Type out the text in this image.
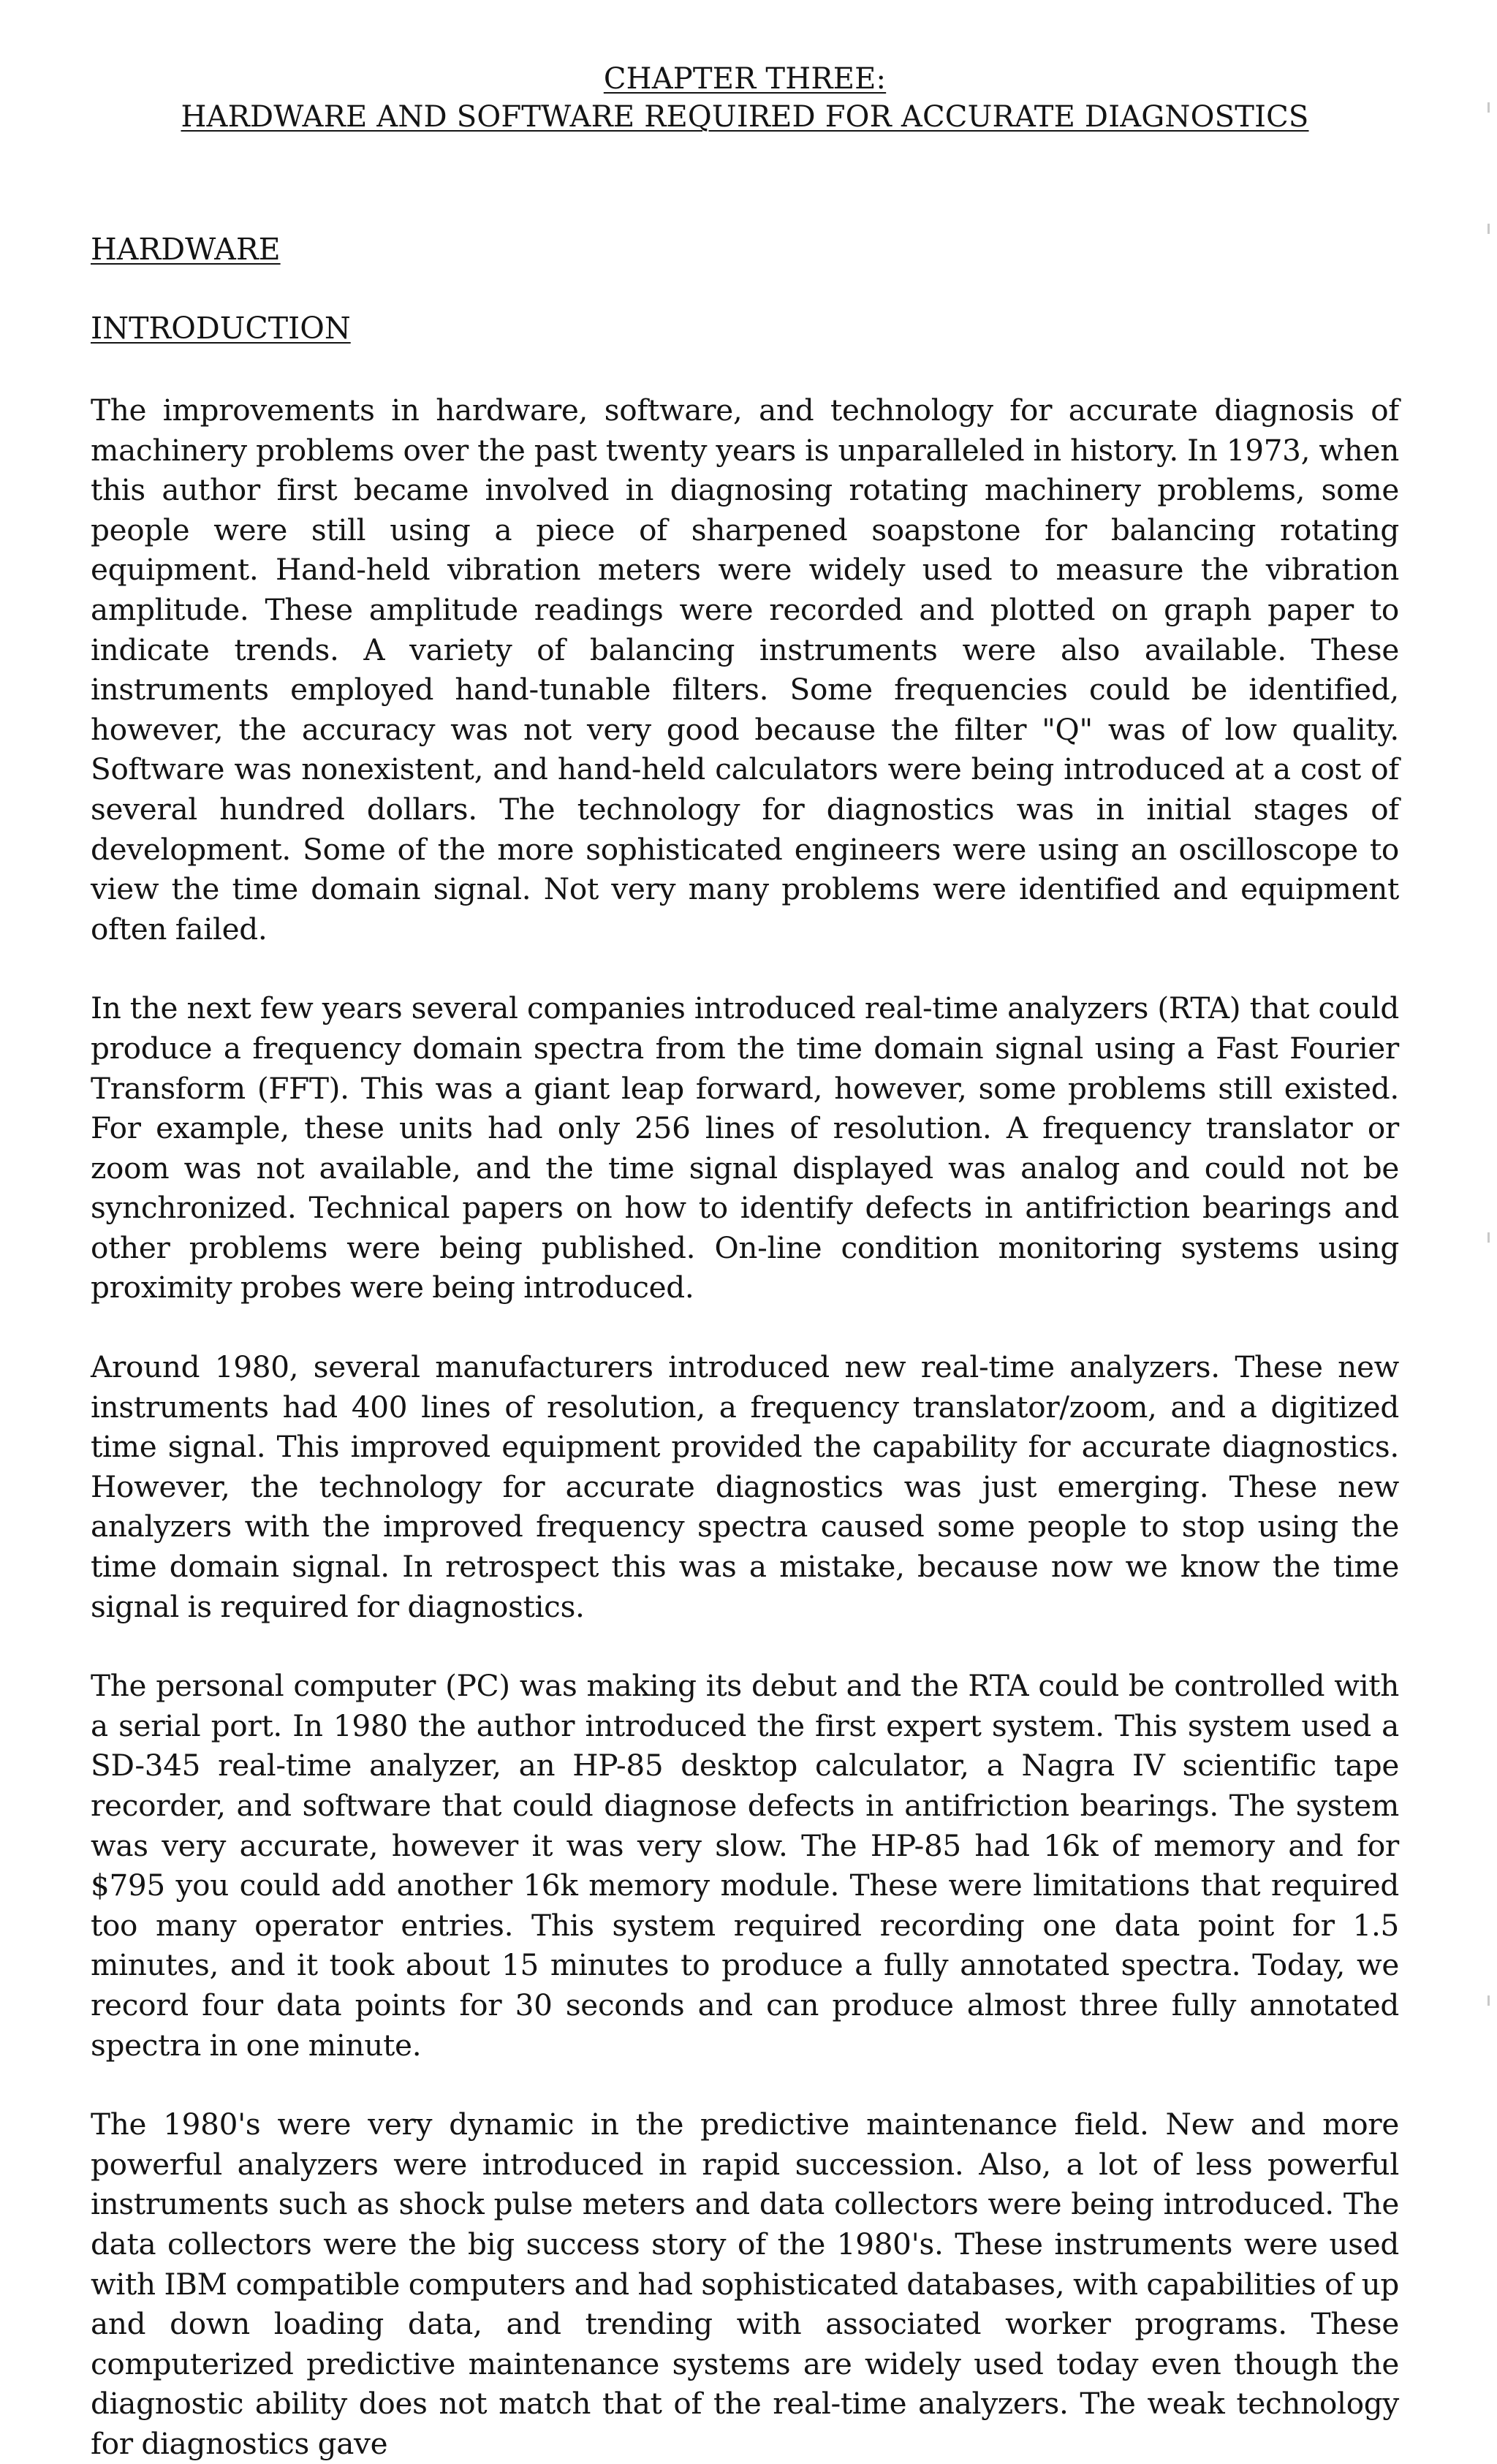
CHAPTER THREE:
HARDWARE AND SOFTWARE REQUIRED FOR ACCURATE DIAGNOSTICS
HARDWARE
INTRODUCTION

The improvements in hardware, software, and technology for accurate diagnosis of machinery problems over the past twenty years is unparalleled in history. In 1973, when this author first became involved in diagnosing rotating machinery problems, some people were still using a piece of sharpened soapstone for balancing rotating equipment. Hand-held vibration meters were widely used to measure the vibration amplitude. These amplitude readings were recorded and plotted on graph paper to indicate trends. A variety of balancing instruments were also available. These instruments employed hand-tunable filters. Some frequencies could be identified, however, the accuracy was not very good because the filter "Q" was of low quality. Software was nonexistent, and hand-held calculators were being introduced at a cost of several hundred dollars. The technology for diagnostics was in initial stages of development. Some of the more sophisticated engineers were using an oscilloscope to view the time domain signal. Not very many problems were identified and equipment often failed.

In the next few years several companies introduced real-time analyzers (RTA) that could produce a frequency domain spectra from the time domain signal using a Fast Fourier Transform (FFT). This was a giant leap forward, however, some problems still existed. For example, these units had only 256 lines of resolution. A frequency translator or zoom was not available, and the time signal displayed was analog and could not be synchronized. Technical papers on how to identify defects in antifriction bearings and other problems were being published. On-line condition monitoring systems using proximity probes were being introduced.

Around 1980, several manufacturers introduced new real-time analyzers. These new instruments had 400 lines of resolution, a frequency translator/zoom, and a digitized time signal. This improved equipment provided the capability for accurate diagnostics. However, the technology for accurate diagnostics was just emerging. These new analyzers with the improved frequency spectra caused some people to stop using the time domain signal. In retrospect this was a mistake, because now we know the time signal is required for diagnostics.

The personal computer (PC) was making its debut and the RTA could be controlled with a serial port. In 1980 the author introduced the first expert system. This system used a SD-345 real-time analyzer, an HP-85 desktop calculator, a Nagra IV scientific tape recorder, and software that could diagnose defects in antifriction bearings. The system was very accurate, however it was very slow. The HP-85 had 16k of memory and for $795 you could add another 16k memory module. These were limitations that required too many operator entries. This system required recording one data point for 1.5 minutes, and it took about 15 minutes to produce a fully annotated spectra. Today, we record four data points for 30 seconds and can produce almost three fully annotated spectra in one minute.

The 1980's were very dynamic in the predictive maintenance field. New and more powerful analyzers were introduced in rapid succession. Also, a lot of less powerful instruments such as shock pulse meters and data collectors were being introduced. The data collectors were the big success story of the 1980's. These instruments were used with IBM compatible computers and had sophisticated databases, with capabilities of up and down loading data, and trending with associated worker programs. These computerized predictive maintenance systems are widely used today even though the diagnostic ability does not match that of the real-time analyzers. The weak technology for diagnostics gave
